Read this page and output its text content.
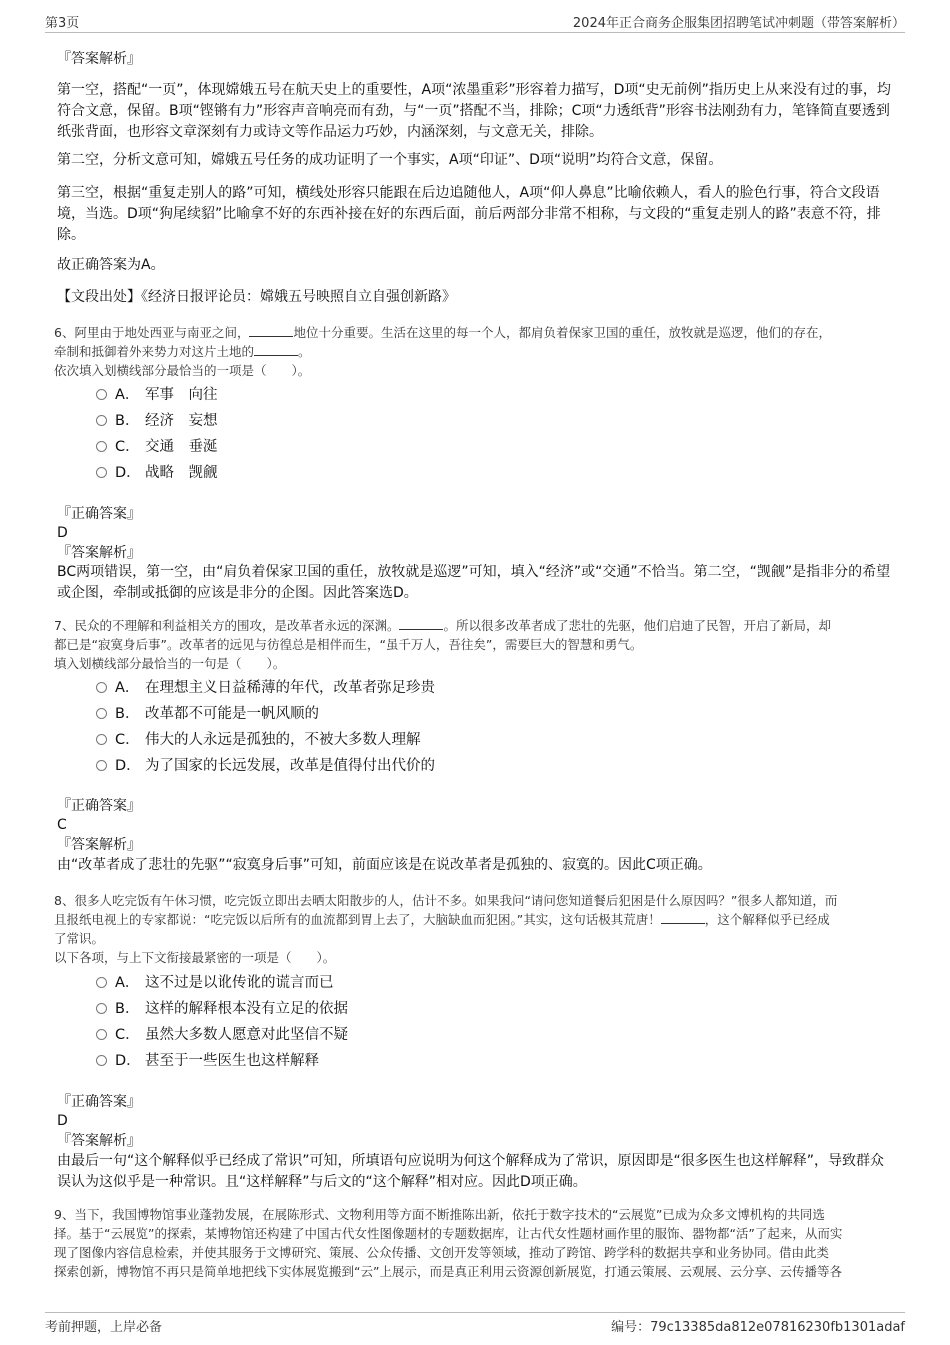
第3页	2024年正合商务企服集团招聘笔试冲刺题（带答案解析）
『答案解析』

第一空，搭配“一页”，体现嫦娥五号在航天史上的重要性，A项“浓墨重彩”形容着力描写，D项“史无前例”指历史上从来没有过的事，均符合文意，保留。B项“铿锵有力”形容声音响亮而有劲，与“一页”搭配不当，排除；C项“力透纸背”形容书法刚劲有力，笔锋简直要透到纸张背面，也形容文章深刻有力或诗文等作品运力巧妙，内涵深刻，与文意无关，排除。

第二空，分析文意可知，嫦娥五号任务的成功证明了一个事实，A项“印证”、D项“说明”均符合文意，保留。

第三空，根据“重复走别人的路”可知，横线处形容只能跟在后边追随他人，A项“仰人鼻息”比喻依赖人，看人的脸色行事，符合文段语境，当选。D项“狗尾续貂”比喻拿不好的东西补接在好的东西后面，前后两部分非常不相称，与文段的“重复走别人的路”表意不符，排除。

故正确答案为A。

【文段出处】《经济日报评论员：嫦娥五号映照自立自强创新路》

6、阿里由于地处西亚与南亚之间，	地位十分重要。生活在这里的每一个人，都肩负着保家卫国的重任，放牧就是巡逻，他们的存在，

牵制和抵御着外来势力对这片土地的	。

依次填入划横线部分最恰当的一项是（　　）。

A． 军事　向往
B． 经济　妄想
C． 交通　垂涎
D． 战略　觊觎
『正确答案』
D
『答案解析』

BC两项错误，第一空，由“肩负着保家卫国的重任，放牧就是巡逻”可知，填入“经济”或“交通”不恰当。第二空，“觊觎”是指非分的希望或企图，牵制或抵御的应该是非分的企图。因此答案选D。

7、民众的不理解和利益相关方的围攻，是改革者永远的深渊。	。所以很多改革者成了悲壮的先驱，他们启迪了民智，开启了新局，却

都已是“寂寞身后事”。改革者的远见与彷徨总是相伴而生，“虽千万人，吾往矣”，需要巨大的智慧和勇气。

填入划横线部分最恰当的一句是（　　）。

A． 在理想主义日益稀薄的年代，改革者弥足珍贵
B． 改革都不可能是一帆风顺的
C． 伟大的人永远是孤独的，不被大多数人理解
D． 为了国家的长远发展，改革是值得付出代价的
『正确答案』
C
『答案解析』

由“改革者成了悲壮的先驱”“寂寞身后事”可知，前面应该是在说改革者是孤独的、寂寞的。因此C项正确。

8、很多人吃完饭有午休习惯，吃完饭立即出去晒太阳散步的人，估计不多。如果我问“请问您知道餐后犯困是什么原因吗？”很多人都知道，而

且报纸电视上的专家都说：“吃完饭以后所有的血流都到胃上去了，大脑缺血而犯困。”其实，这句话极其荒唐！	，这个解释似乎已经成

了常识。

以下各项，与上下文衔接最紧密的一项是（　　）。

A． 这不过是以讹传讹的谎言而已
B． 这样的解释根本没有立足的依据
C． 虽然大多数人愿意对此坚信不疑
D． 甚至于一些医生也这样解释
『正确答案』
D
『答案解析』

由最后一句“这个解释似乎已经成了常识”可知，所填语句应说明为何这个解释成为了常识，原因即是“很多医生也这样解释”，导致群众误认为这似乎是一种常识。且“这样解释”与后文的“这个解释”相对应。因此D项正确。

9、当下，我国博物馆事业蓬勃发展，在展陈形式、文物利用等方面不断推陈出新，依托于数字技术的“云展览”已成为众多文博机构的共同选

择。基于“云展览”的探索，某博物馆还构建了中国古代女性图像题材的专题数据库，让古代女性题材画作里的服饰、器物都“活”了起来，从而实

现了图像内容信息检索，并使其服务于文博研究、策展、公众传播、文创开发等领域，推动了跨馆、跨学科的数据共享和业务协同。借由此类

探索创新，博物馆不再只是简单地把线下实体展览搬到“云”上展示，而是真正利用云资源创新展览，打通云策展、云观展、云分享、云传播等各

考前押题，上岸必备	编号：79c13385da812e07816230fb1301adaf
